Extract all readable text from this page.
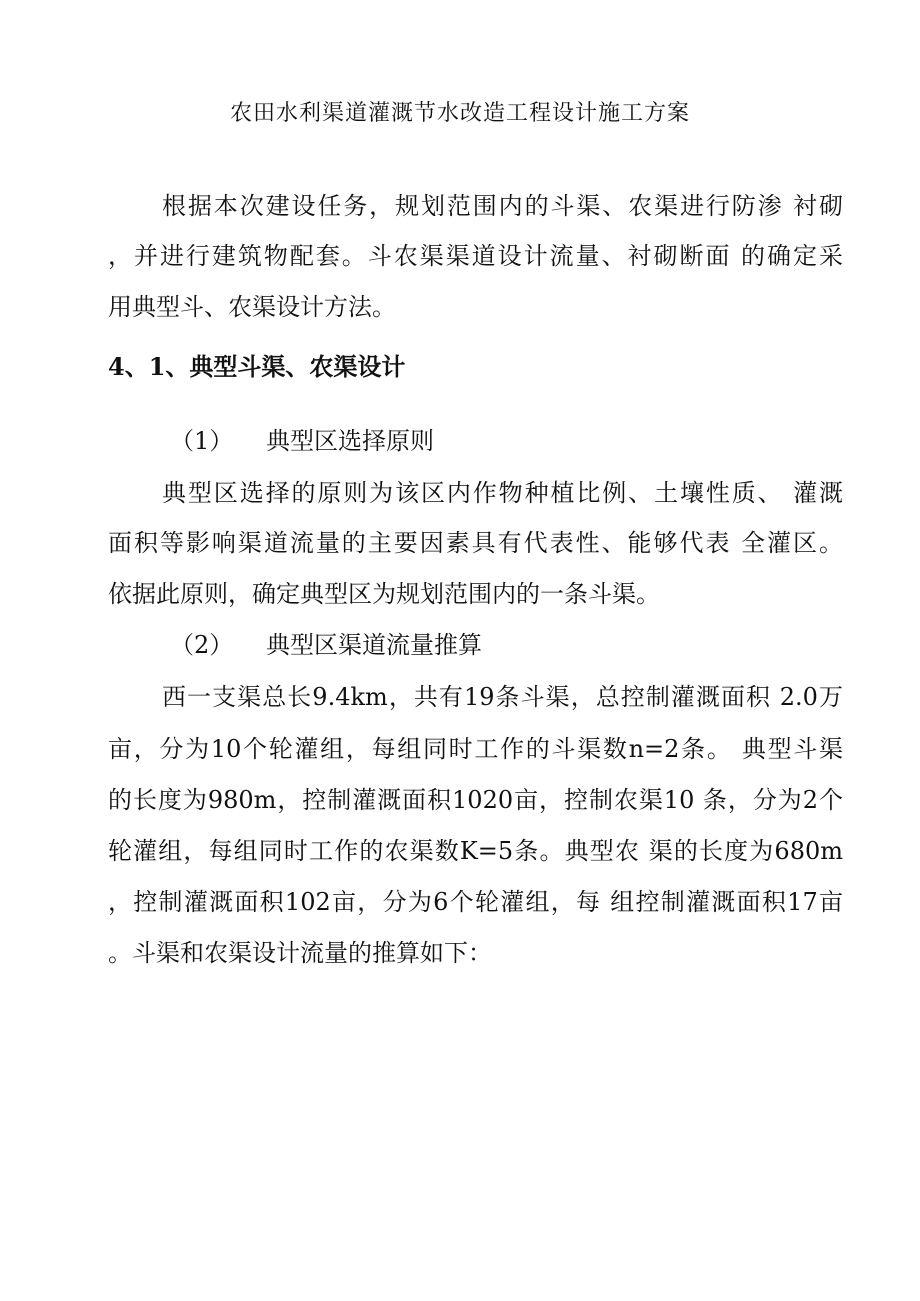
农田水利渠道灌溉节水改造工程设计施工方案
根据本次建设任务，规划范围内的斗渠、农渠进行防渗 衬砌
，并进行建筑物配套。斗农渠渠道设计流量、衬砌断面 的确定采
用典型斗、农渠设计方法。
4、1、典型斗渠、农渠设计
（1） 典型区选择原则
典型区选择的原则为该区内作物种植比例、土壤性质、 灌溉
面积等影响渠道流量的主要因素具有代表性、能够代表 全灌区。
依据此原则，确定典型区为规划范围内的一条斗渠。
（2） 典型区渠道流量推算
西一支渠总长9.4km，共有19条斗渠，总控制灌溉面积 2.0万
亩，分为10个轮灌组，每组同时工作的斗渠数n=2条。 典型斗渠
的长度为980m，控制灌溉面积1020亩，控制农渠10 条，分为2个
轮灌组，每组同时工作的农渠数K=5条。典型农 渠的长度为680m
，控制灌溉面积102亩，分为6个轮灌组，每 组控制灌溉面积17亩
。斗渠和农渠设计流量的推算如下：
